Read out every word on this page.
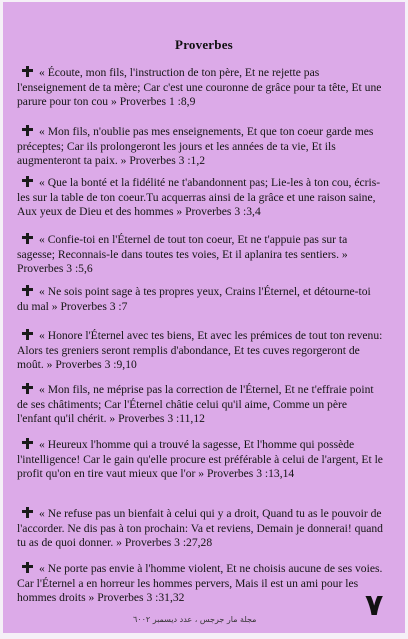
Proverbes
« Écoute, mon fils, l'instruction de ton père, Et ne rejette pas l'enseignement de ta mère; Car c'est une couronne de grâce pour ta tête, Et une parure pour ton cou » Proverbes 1 :8,9
« Mon fils, n'oublie pas mes enseignements, Et que ton coeur garde mes préceptes; Car ils prolongeront les jours et les années de ta vie, Et ils augmenteront ta paix. » Proverbes 3 :1,2
« Que la bonté et la fidélité ne t'abandonnent pas; Lie-les à ton cou, écris-les sur la table de ton coeur.Tu acquerras ainsi de la grâce et une raison saine, Aux yeux de Dieu et des hommes » Proverbes 3 :3,4
« Confie-toi en l'Éternel de tout ton coeur, Et ne t'appuie pas sur ta sagesse; Reconnais-le dans toutes tes voies, Et il aplanira tes sentiers. » Proverbes 3 :5,6
« Ne sois point sage à tes propres yeux, Crains l'Éternel, et détourne-toi du mal » Proverbes 3 :7
« Honore l'Éternel avec tes biens, Et avec les prémices de tout ton revenu: Alors tes greniers seront remplis d'abondance, Et tes cuves regorgeront de moût. » Proverbes 3 :9,10
« Mon fils, ne méprise pas la correction de l'Éternel, Et ne t'effraie point de ses châtiments; Car l'Éternel châtie celui qu'il aime, Comme un père l'enfant qu'il chérit. » Proverbes 3 :11,12
« Heureux l'homme qui a trouvé la sagesse, Et l'homme qui possède l'intelligence! Car le gain qu'elle procure est préférable à celui de l'argent, Et le profit qu'on en tire vaut mieux que l'or » Proverbes 3 :13,14
« Ne refuse pas un bienfait à celui qui y a droit, Quand tu as le pouvoir de l'accorder. Ne dis pas à ton prochain: Va et reviens, Demain je donnerai! quand tu as de quoi donner. » Proverbes 3 :27,28
« Ne porte pas envie à l'homme violent, Et ne choisis aucune de ses voies. Car l'Éternel a en horreur les hommes pervers, Mais il est un ami pour les hommes droits » Proverbes 3 :31,32
مجلة مار جرجس ، عدد ديسمبر ٢٠٠٦	٧
